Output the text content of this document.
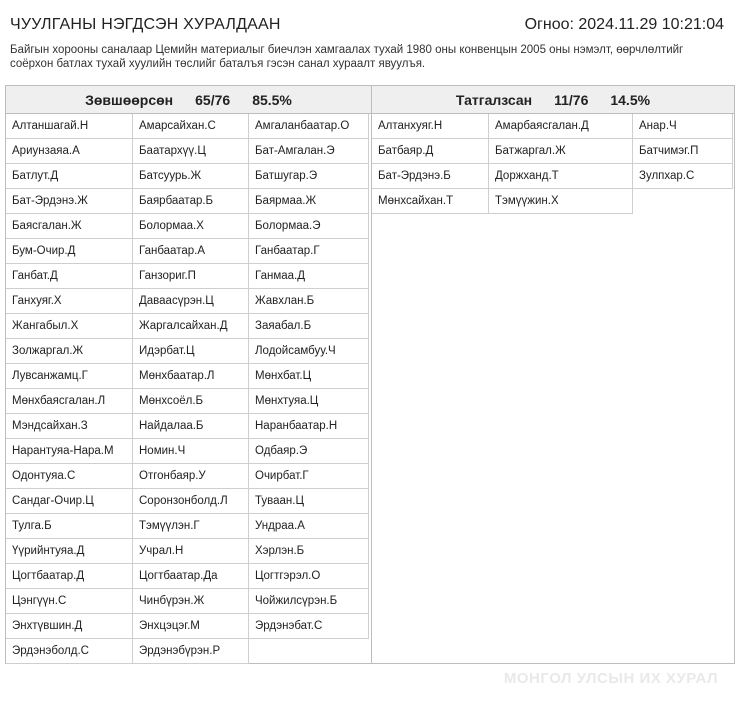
ЧУУЛГАНЫ НЭГДСЭН ХУРАЛДААН	Огноо: 2024.11.29 10:21:04
Байгын хорооны саналаар Цемийн материалыг биечлэн хамгаалах тухай 1980 оны конвенцын 2005 оны нэмэлт, өөрчлөлтийг соёрхон батлах тухай хуулийн төслийг баталъя гэсэн санал хураалт явуулъя.
Зөвшөөрсөн 65/76 85.5%
Алтаншагай.Н	Амарсайхан.С	Амгаланбаатар.О
Ариунзаяа.А	Баатархүү.Ц	Бат-Амгалан.Э
Батлут.Д	Батсуурь.Ж	Батшугар.Э
Бат-Эрдэнэ.Ж	Баярбаатар.Б	Баярмаа.Ж
Баясгалан.Ж	Болормаа.Х	Болормаа.Э
Бум-Очир.Д	Ганбаатар.А	Ганбаатар.Г
Ганбат.Д	Ганзориг.П	Ганмаа.Д
Ганхуяг.Х	Даваасүрэн.Ц	Жавхлан.Б
Жангабыл.Х	Жаргалсайхан.Д	Заяабал.Б
Золжаргал.Ж	Идэрбат.Ц	Лодойсамбуу.Ч
Лувсанжамц.Г	Мөнхбаатар.Л	Мөнхбат.Ц
Мөнхбаясгалан.Л	Мөнхсоёл.Б	Мөнхтуяа.Ц
Мэндсайхан.З	Найдалаа.Б	Наранбаатар.Н
Нарантуяа-Нара.М	Номин.Ч	Одбаяр.Э
Одонтуяа.С	Отгонбаяр.У	Очирбат.Г
Сандаг-Очир.Ц	Соронзонболд.Л	Туваан.Ц
Тулга.Б	Тэмүүлэн.Г	Ундраа.А
Үүрийнтуяа.Д	Учрал.Н	Хэрлэн.Б
Цогтбаатар.Д	Цогтбаатар.Да	Цогтгэрэл.О
Цэнгүүн.С	Чинбүрэн.Ж	Чойжилсүрэн.Б
Энхтүвшин.Д	Энхцэцэг.М	Эрдэнэбат.С
Эрдэнэболд.С	Эрдэнэбүрэн.Р
Татгалзсан 11/76 14.5%
Алтанхуяг.Н	Амарбаясгалан.Д	Анар.Ч
Батбаяр.Д	Батжаргал.Ж	Батчимэг.П
Бат-Эрдэнэ.Б	Доржханд.Т	Зулпхар.С
Мөнхсайхан.Т	Тэмүүжин.Х
МОНГОЛ УЛСЫН ИХ ХУРАЛ
